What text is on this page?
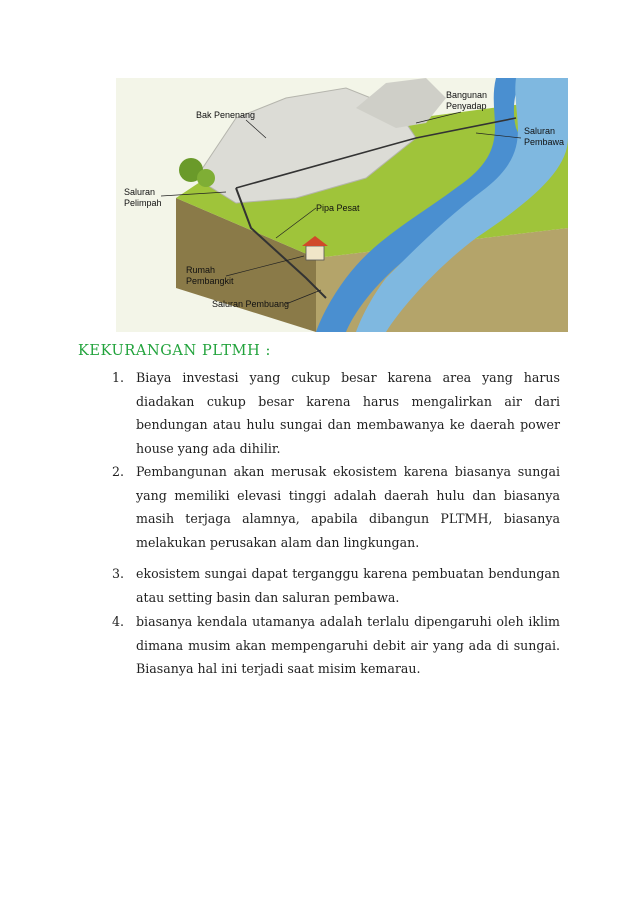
Bak Penenang
Bangunan
Penyadap
Saluran
Pembawa
Saluran
Pelimpah	Pipa Pesat
Rumah
Pembangkit
Saluran Pembuang
KEKURANGAN PLTMH :
1. Biaya investasi yang cukup besar karena area yang harus diadakan cukup besar karena harus mengalirkan air dari bendungan atau hulu sungai dan membawanya ke daerah power house yang ada dihilir.
2. Pembangunan akan merusak ekosistem karena biasanya sungai yang memiliki elevasi tinggi adalah daerah hulu dan biasanya masih terjaga alamnya, apabila dibangun PLTMH, biasanya melakukan perusakan alam dan lingkungan.
3. ekosistem sungai dapat terganggu karena pembuatan bendungan atau setting basin dan saluran pembawa.
4. biasanya kendala utamanya adalah terlalu dipengaruhi oleh iklim dimana musim akan mempengaruhi debit air yang ada di sungai. Biasanya hal ini terjadi saat misim kemarau.
